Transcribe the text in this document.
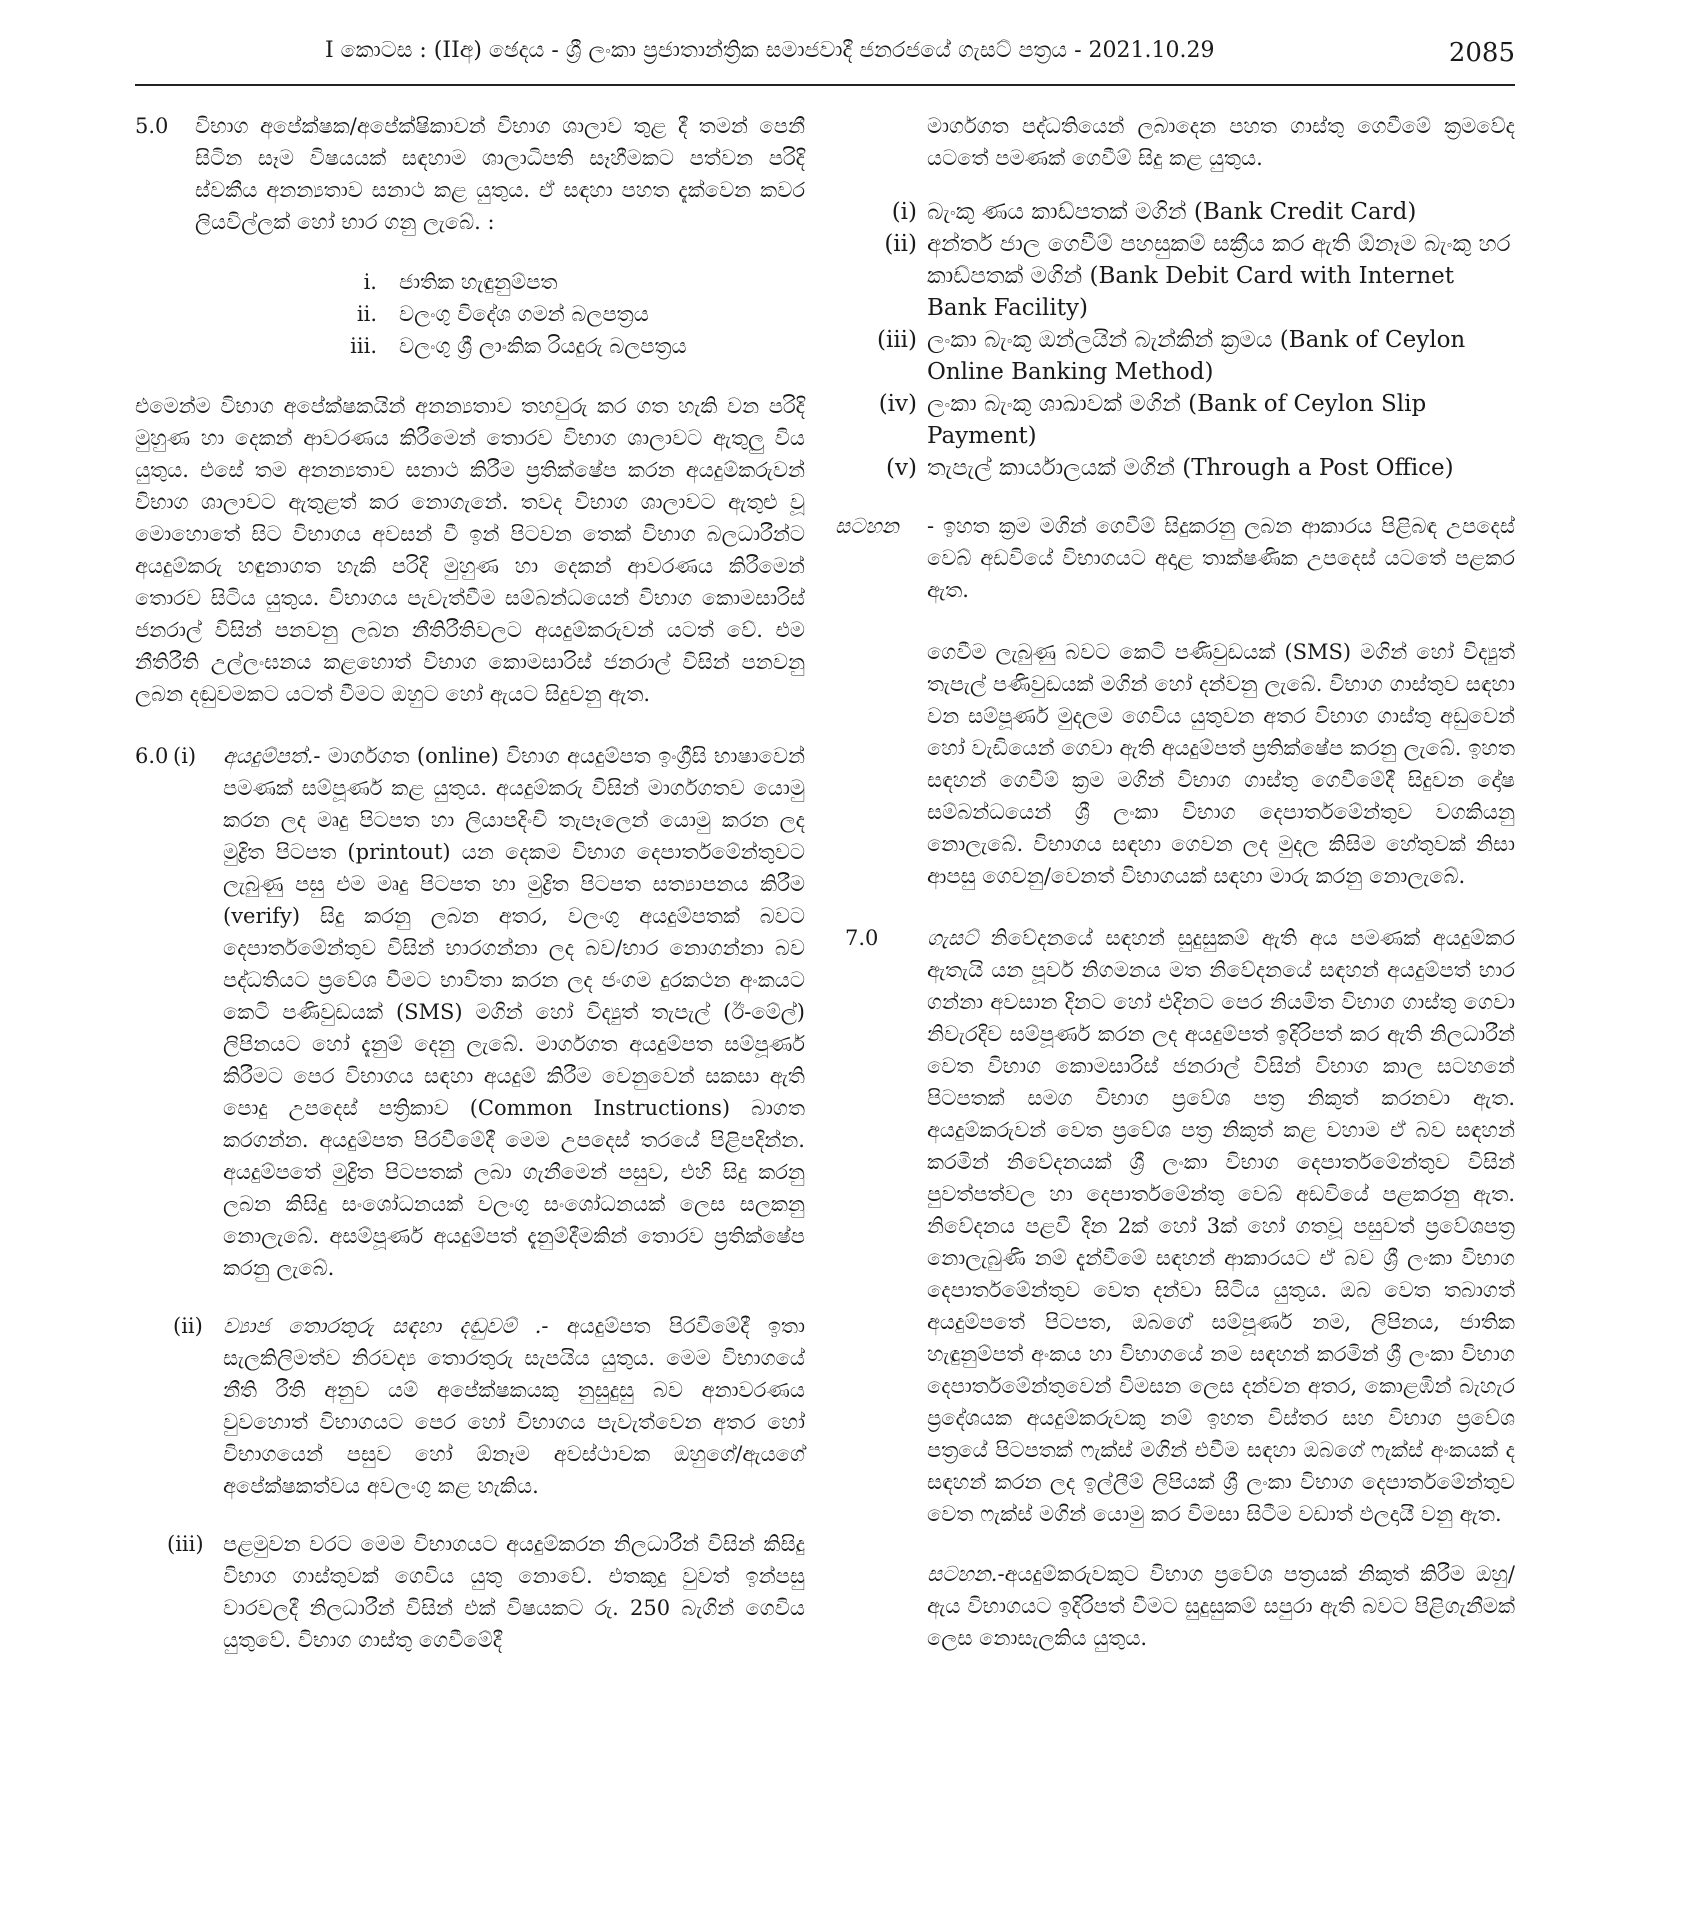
I කොටස : (IIඅ) ඡෙදය - ශ්‍රී ලංකා ප්‍රජාතාන්ත්‍රික සමාජවාදී ජනරජයේ ගැසට් පත්‍රය - 2021.10.29	2085
5.0 විභාග අපේක්ෂක/අපේක්ෂිකාවන් විභාග ශාලාව තුළ දී තමන් පෙනී සිටින සෑම විෂයයක් සඳහාම ශාලාධිපති සෑහීමකට පත්වන පරිදි ස්වකීය අනන්‍යතාව සනාථ කළ යුතුය. ඒ සඳහා පහත දැක්වෙන කවර ලියවිල්ලක් හෝ භාර ගනු ලැබේ. :
i.	ජාතික හැඳුනුම්පත
ii.	වලංගු විදේශ ගමන් බලපත්‍රය
iii.	වලංගු ශ්‍රී ලාංකික රියදුරු බලපත්‍රය
එමෙන්ම විභාග අපේක්ෂකයින් අනන්‍යතාව තහවුරු කර ගත හැකි වන පරිදි මුහුණ හා දෙකන් ආවරණය කිරීමෙන් තොරව විභාග ශාලාවට ඇතුලු විය යුතුය. එසේ තම අනන්‍යතාව සනාථ කිරීම ප්‍රතික්ෂේප කරන අයදුම්කරුවන් විභාග ශාලාවට ඇතුළත් කර නොගැනේ. තවද විභාග ශාලාවට ඇතුළු වූ මොහොතේ සිට විභාගය අවසන් වී ඉන් පිටවන තෙක් විභාග බලධාරීන්ට අයදුම්කරු හඳුනාගත හැකි පරිදි මුහුණ හා දෙකන් ආවරණය කිරීමෙන් තොරව සිටිය යුතුය. විභාගය පැවැත්වීම සම්බන්ධයෙන් විභාග කොමසාරිස් ජනරාල් විසින් පනවනු ලබන නීතිරීතිවලට අයදුම්කරුවන් යටත් වේ. එම නීතිරීති උල්ලංඝනය කළහොත් විභාග කොමසාරිස් ජනරාල් විසින් පනවනු ලබන දඬුවමකට යටත් වීමට ඔහුට හෝ ඇයට සිදුවනු ඇත.
6.0 (i) අයදුම්පත්.- මාර්ගගත (online) විභාග අයදුම්පත ඉංග්‍රීසි භාෂාවෙන් පමණක් සම්පූර්ණ කළ යුතුය. අයදුම්කරු විසින් මාර්ගගතව යොමු කරන ලද මෘදු පිටපත හා ලියාපදිංචි තැපෑලෙන් යොමු කරන ලද මුද්‍රිත පිටපත (printout) යන දෙකම විභාග දෙපාර්තමේන්තුවට ලැබුණු පසු එම මෘදු පිටපත හා මුද්‍රිත පිටපත සත්‍යාපනය කිරීම (verify) සිදු කරනු ලබන අතර, වලංගු අයදුම්පතක් බවට දෙපාර්තමේන්තුව විසින් භාරගන්නා ලද බව/භාර නොගන්නා බව පද්ධතියට ප්‍රවේශ වීමට භාවිතා කරන ලද ජංගම දුරකථන අංකයට කෙටි පණිවුඩයක් (SMS) මගින් හෝ විද්‍යුත් තැපැල් (ඊ-මේල්) ලිපිනයට හෝ දැනුම් දෙනු ලැබේ. මාර්ගගත අයදුම්පත සම්පූර්ණ කිරීමට පෙර විභාගය සඳහා අයදුම් කිරීම වෙනුවෙන් සකසා ඇති පොදු උපදෙස් පත්‍රිකාව (Common Instructions) බාගත කරගන්න. අයදුම්පත පිරවීමේදී මෙම උපදෙස් තරයේ පිළිපදින්න. අයදුම්පතේ මුද්‍රිත පිටපතක් ලබා ගැනීමෙන් පසුව, එහි සිදු කරනු ලබන කිසිදු සංශෝධනයක් වලංගු සංශෝධනයක් ලෙස සලකනු නොලැබේ. අසම්පූර්ණ අයදුම්පත් දැනුම්දීමකින් තොරව ප්‍රතික්ෂේප කරනු ලැබේ.
(ii) ව්‍යාජ තොරතුරු සඳහා දඬුවම් .- අයදුම්පත පිරවීමේදී ඉතා සැලකිලිමත්ව නිරවද්‍ය තොරතුරු සැපයිය යුතුය. මෙම විභාගයේ නීති රීති අනුව යම් අපේක්ෂකයකු නුසුදුසු බව අනාවරණය වුවහොත් විභාගයට පෙර හෝ විභාගය පැවැත්වෙන අතර හෝ විභාගයෙන් පසුව හෝ ඕනෑම අවස්ථාවක ඔහුගේ/ඇයගේ අපේක්ෂකත්වය අවලංගු කළ හැකිය.
(iii) පළමුවන වරට මෙම විභාගයට අයදුම්කරන නිලධාරීන් විසින් කිසිදු විභාග ගාස්තුවක් ගෙවිය යුතු නොවේ. එතකුදු වුවත් ඉන්පසු වාරවලදී නිලධාරීන් විසින් එක් විෂයකට රු. 250 බැගින් ගෙවිය යුතුවේ. විභාග ගාස්තු ගෙවීමේදී
මාර්ගගත පද්ධතියෙන් ලබාදෙන පහත ගාස්තු ගෙවීමේ ක්‍රමවේද යටතේ පමණක් ගෙවීම් සිදු කළ යුතුය.
(i) බැංකු ණය කාඩ්පතක් මගින් (Bank Credit Card)
(ii) අන්තර් ජාල ගෙවීම් පහසුකම් සක්‍රීය කර ඇති ඕනෑම බැංකු හර කාඩ්පතක් මගින් (Bank Debit Card with Internet Bank Facility)
(iii) ලංකා බැංකු ඔන්ලයින් බැන්කින් ක්‍රමය (Bank of Ceylon Online Banking Method)
(iv) ලංකා බැංකු ශාඛාවක් මගින් (Bank of Ceylon Slip Payment)
(v) තැපැල් කාර්යාලයක් මගින් (Through a Post Office)
සටහන - ඉහත ක්‍රම මගින් ගෙවීම් සිදුකරනු ලබන ආකාරය පිළිබඳ උපදෙස් වෙබ් අඩවියේ විභාගයට අදාළ තාක්ෂණික උපදෙස් යටතේ පළකර ඇත.
ගෙවීම ලැබුණු බවට කෙටි පණිවුඩයක් (SMS) මගින් හෝ විද්‍යුත් තැපැල් පණිවුඩයක් මගින් හෝ දන්වනු ලැබේ. විභාග ගාස්තුව සඳහා වන සම්පූර්ණ මුදලම ගෙවිය යුතුවන අතර විභාග ගාස්තු අඩුවෙන් හෝ වැඩියෙන් ගෙවා ඇති අයදුම්පත් ප්‍රතික්ෂේප කරනු ලැබේ. ඉහත සඳහන් ගෙවීම් ක්‍රම මගින් විභාග ගාස්තු ගෙවීමේදී සිදුවන දෝෂ සම්බන්ධයෙන් ශ්‍රී ලංකා විභාග දෙපාර්තමේන්තුව වගකියනු නොලැබේ. විභාගය සඳහා ගෙවන ලද මුදල කිසිම හේතුවක් නිසා ආපසු ගෙවනු/වෙනත් විභාගයක් සඳහා මාරු කරනු නොලැබේ.
7.0 ගැසට් නිවේදනයේ සඳහන් සුදුසුකම් ඇති අය පමණක් අයදුම්කර ඇතැයි යන පූර්ව නිගමනය මත නිවේදනයේ සඳහන් අයදුම්පත් භාර ගන්නා අවසාන දිනට හෝ එදිනට පෙර නියමිත විභාග ගාස්තු ගෙවා නිවැරදිව සම්පූර්ණ කරන ලද අයදුම්පත් ඉදිරිපත් කර ඇති නිලධාරීන් වෙත විභාග කොමසාරිස් ජනරාල් විසින් විභාග කාල සටහනේ පිටපතක් සමග විභාග ප්‍රවේශ පත්‍ර නිකුත් කරනවා ඇත. අයදුම්කරුවන් වෙත ප්‍රවේශ පත්‍ර නිකුත් කළ වහාම ඒ බව සඳහන් කරමින් නිවේදනයක් ශ්‍රී ලංකා විභාග දෙපාර්තමේන්තුව විසින් පුවත්පත්වල හා දෙපාර්තමේන්තු වෙබ් අඩවියේ පළකරනු ඇත. නිවේදනය පළවී දින 2ක් හෝ 3ක් හෝ ගතවූ පසුවත් ප්‍රවේශපත්‍ර නොලැබුණි නම් දැන්වීමේ සඳහන් ආකාරයට ඒ බව ශ්‍රී ලංකා විභාග දෙපාර්තමේන්තුව වෙත දන්වා සිටිය යුතුය. ඔබ වෙත තබාගත් අයදුම්පතේ පිටපත, ඔබගේ සම්පූර්ණ නම, ලිපිනය, ජාතික හැඳුනුම්පත් අංකය හා විභාගයේ නම සඳහන් කරමින් ශ්‍රී ලංකා විභාග දෙපාර්තමේන්තුවෙන් විමසන ලෙස දන්වන අතර, කොළඹින් බැහැර ප්‍රදේශයක අයදුම්කරුවකු නම් ඉහත විස්තර සහ විභාග ප්‍රවේශ පත්‍රයේ පිටපතක් ෆැක්ස් මගින් එවීම සඳහා ඔබගේ ෆැක්ස් අංකයක් ද සඳහන් කරන ලද ඉල්ලීම් ලිපියක් ශ්‍රී ලංකා විභාග දෙපාර්තමේන්තුව වෙත ෆැක්ස් මගින් යොමු කර විමසා සිටීම වඩාත් ඵලදායී වනු ඇත.
සටහන.-අයදුම්කරුවකුට විභාග ප්‍රවේශ පත්‍රයක් නිකුත් කිරීම ඔහු/ඇය විභාගයට ඉදිරිපත් වීමට සුදුසුකම් සපුරා ඇති බවට පිළිගැනීමක් ලෙස නොසැලකිය යුතුය.
